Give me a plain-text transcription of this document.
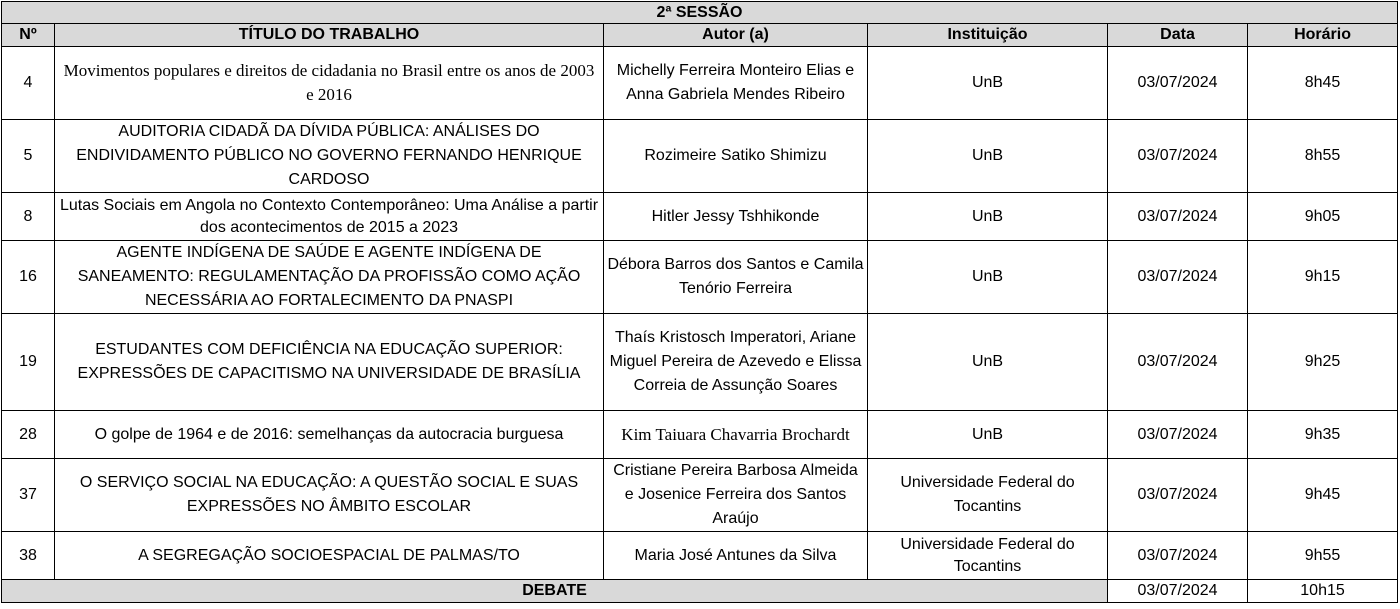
2ª SESSÃO					
Nº	TÍTULO DO TRABALHO	Autor (a)	Instituição	Data	Horário
4	Movimentos populares e direitos de cidadania no Brasil entre os anos de 2003 e 2016	Michelly Ferreira Monteiro Elias e Anna Gabriela Mendes Ribeiro	UnB	03/07/2024	8h45
5	AUDITORIA CIDADÃ DA DÍVIDA PÚBLICA: ANÁLISES DO ENDIVIDAMENTO PÚBLICO NO GOVERNO FERNANDO HENRIQUE CARDOSO	Rozimeire Satiko Shimizu	UnB	03/07/2024	8h55
8	Lutas Sociais em Angola no Contexto Contemporâneo: Uma Análise a partir dos acontecimentos de 2015 a 2023	Hitler Jessy Tshhikonde	UnB	03/07/2024	9h05
16	AGENTE INDÍGENA DE SAÚDE E AGENTE INDÍGENA DE SANEAMENTO: REGULAMENTAÇÃO DA PROFISSÃO COMO AÇÃO NECESSÁRIA AO FORTALECIMENTO DA PNASPI	Débora Barros dos Santos e Camila Tenório Ferreira	UnB	03/07/2024	9h15
19	ESTUDANTES COM DEFICIÊNCIA NA EDUCAÇÃO SUPERIOR: EXPRESSÕES DE CAPACITISMO NA UNIVERSIDADE DE BRASÍLIA	Thaís Kristosch Imperatori, Ariane Miguel Pereira de Azevedo e Elissa Correia de Assunção Soares	UnB	03/07/2024	9h25
28	O golpe de 1964 e de 2016: semelhanças da autocracia burguesa	Kim Taiuara Chavarria Brochardt	UnB	03/07/2024	9h35
37	O SERVIÇO SOCIAL NA EDUCAÇÃO: A QUESTÃO SOCIAL E SUAS EXPRESSÕES NO ÂMBITO ESCOLAR	Cristiane Pereira Barbosa Almeida e Josenice Ferreira dos Santos Araújo	Universidade Federal do Tocantins	03/07/2024	9h45
38	A SEGREGAÇÃO SOCIOESPACIAL DE PALMAS/TO	Maria José Antunes da Silva	Universidade Federal do Tocantins	03/07/2024	9h55
DEBATE				03/07/2024	10h15
